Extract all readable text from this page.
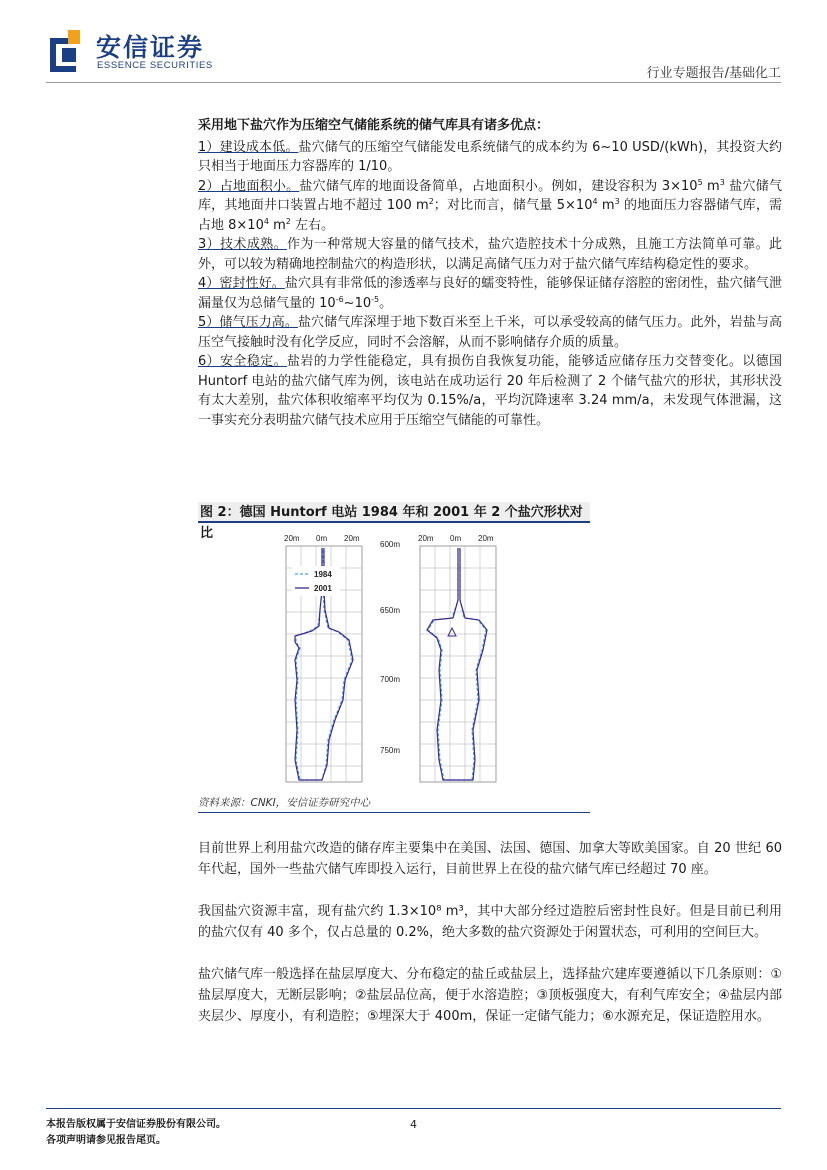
安信证券
ESSENCE SECURITIES
行业专题报告/基础化工

采用地下盐穴作为压缩空气储能系统的储气库具有诸多优点：

1）建设成本低。盐穴储气的压缩空气储能发电系统储气的成本约为 6~10 USD/(kWh)，其投资大约只相当于地面压力容器库的 1/10。

2）占地面积小。盐穴储气库的地面设备简单，占地面积小。例如，建设容积为 $3\times 10^5$ $m^3$ 盐穴储气库，其地面井口装置占地不超过 100 $m^2$；对比而言，储气量 $5\times 10^4$ $m^3$ 的地面压力容器储气库，需占地 $8\times 10^4$ $m^2$ 左右。

3）技术成熟。作为一种常规大容量的储气技术，盐穴造腔技术十分成熟，且施工方法简单可靠。此外，可以较为精确地控制盐穴的构造形状，以满足高储气压力对于盐穴储气库结构稳定性的要求。

4）密封性好。盐穴具有非常低的渗透率与良好的蠕变特性，能够保证储存溶腔的密闭性，盐穴储气泄漏量仅为总储气量的 $10^{-6}\sim 10^{-5}$。

5）储气压力高。盐穴储气库深埋于地下数百米至上千米，可以承受较高的储气压力。此外，岩盐与高压空气接触时没有化学反应，同时不会溶解，从而不影响储存介质的质量。

6）安全稳定。盐岩的力学性能稳定，具有损伤自我恢复功能，能够适应储存压力交替变化。以德国 Huntorf 电站的盐穴储气库为例，该电站在成功运行 20 年后检测了 2 个储气盐穴的形状，其形状没有太大差别，盐穴体积收缩率平均仅为 0.15%/a，平均沉降速率 3.24 mm/a，未发现气体泄漏，这一事实充分表明盐穴储气技术应用于压缩空气储能的可靠性。

图 2：德国 Huntorf 电站 1984 年和 2001 年 2 个盐穴形状对比
1984
2001
20m 0m 20m	20m 0m 20m
600m
650m
700m
750m
资料来源：CNKI，安信证券研究中心

目前世界上利用盐穴改造的储存库主要集中在美国、法国、德国、加拿大等欧美国家。自 20 世纪 60 年代起，国外一些盐穴储气库即投入运行，目前世界上在役的盐穴储气库已经超过 70 座。

我国盐穴资源丰富，现有盐穴约 1.3×10⁸ m³，其中大部分经过造腔后密封性良好。但是目前已利用的盐穴仅有 40 多个，仅占总量的 0.2%，绝大多数的盐穴资源处于闲置状态，可利用的空间巨大。

盐穴储气库一般选择在盐层厚度大、分布稳定的盐丘或盐层上，选择盐穴建库要遵循以下几条原则：①盐层厚度大，无断层影响；②盐层品位高，便于水溶造腔；③顶板强度大，有利气库安全；④盐层内部夹层少、厚度小，有利造腔；⑤埋深大于 400m，保证一定储气能力；⑥水源充足，保证造腔用水。

本报告版权属于安信证券股份有限公司。
各项声明请参见报告尾页。
4
